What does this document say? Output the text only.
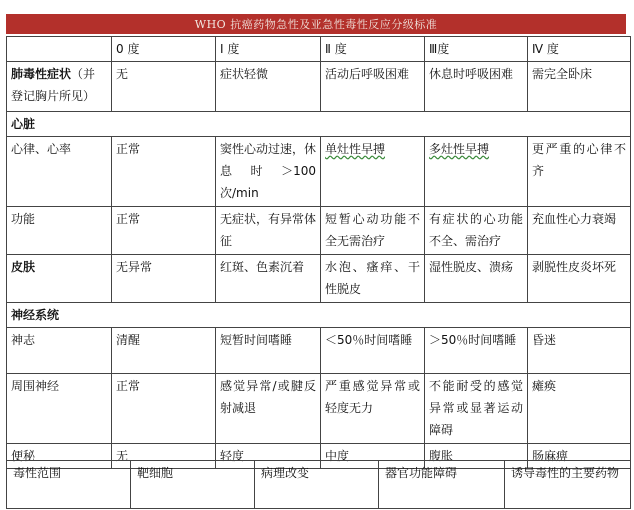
WHO 抗癌药物急性及亚急性毒性反应分级标准
	0 度	Ⅰ 度	Ⅱ 度	Ⅲ度	Ⅳ 度
肺毒性症状（并登记胸片所见）	无	症状轻微	活动后呼吸困难	休息时呼吸困难	需完全卧床
心脏					
心律、心率	正常	窦性心动过速，休息时＞100 次/min	单灶性早搏	多灶性早搏	更严重的心律不齐
功能	正常	无症状，有异常体征	短暂心动功能不全无需治疗	有症状的心功能不全、需治疗	充血性心力衰竭
皮肤	无异常	红斑、色素沉着	水泡、瘙痒、干性脱皮	湿性脱皮、溃疡	剥脱性皮炎坏死
神经系统					
神志	清醒	短暂时间嗜睡	＜50％时间嗜睡	＞50％时间嗜睡	昏迷
周围神经	正常	感觉异常/或腱反射减退	严重感觉异常或轻度无力	不能耐受的感觉异常或显著运动障碍	瘫痪
便秘	无	轻度	中度	腹胀	肠麻痹
毒性范围	靶细胞	病理改变	器官功能障碍	诱导毒性的主要药物
